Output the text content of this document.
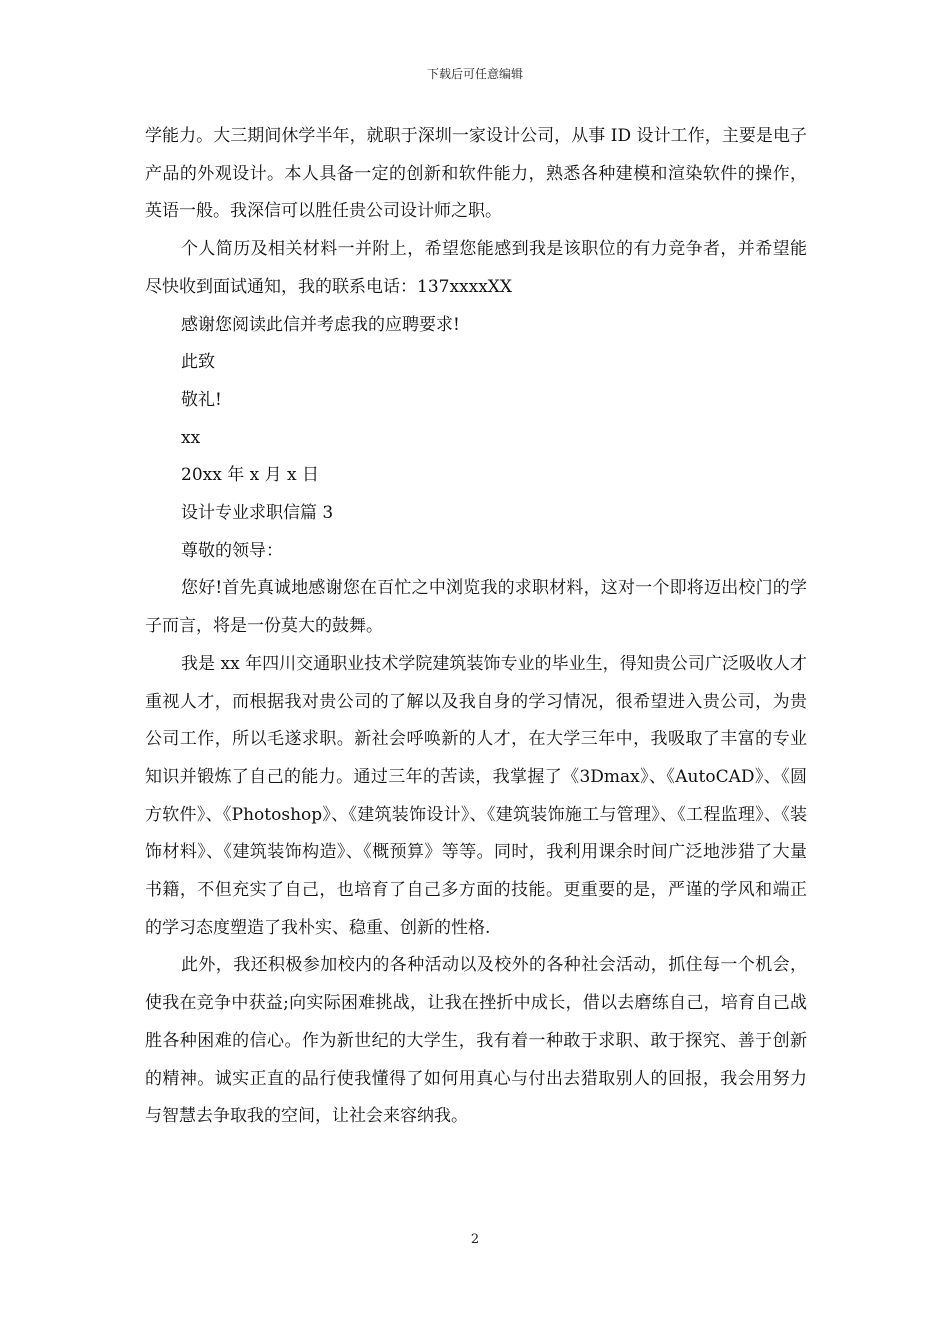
下载后可任意编辑

学能力。大三期间休学半年，就职于深圳一家设计公司，从事 ID 设计工作，主要是电子产品的外观设计。本人具备一定的创新和软件能力，熟悉各种建模和渲染软件的操作，英语一般。我深信可以胜任贵公司设计师之职。

个人简历及相关材料一并附上，希望您能感到我是该职位的有力竞争者，并希望能尽快收到面试通知，我的联系电话：137xxxxXX

感谢您阅读此信并考虑我的应聘要求!

此致

敬礼!

xx

20xx 年 x 月 x 日

设计专业求职信篇 3

尊敬的领导：

您好!首先真诚地感谢您在百忙之中浏览我的求职材料，这对一个即将迈出校门的学子而言，将是一份莫大的鼓舞。

我是 xx 年四川交通职业技术学院建筑装饰专业的毕业生，得知贵公司广泛吸收人才重视人才，而根据我对贵公司的了解以及我自身的学习情况，很希望进入贵公司，为贵公司工作，所以毛遂求职。新社会呼唤新的人才，在大学三年中，我吸取了丰富的专业知识并锻炼了自己的能力。通过三年的苦读，我掌握了《3Dmax》、《AutoCAD》、《圆方软件》、《Photoshop》、《建筑装饰设计》、《建筑装饰施工与管理》、《工程监理》、《装饰材料》、《建筑装饰构造》、《概预算》等等。同时，我利用课余时间广泛地涉猎了大量书籍，不但充实了自己，也培育了自己多方面的技能。更重要的是，严谨的学风和端正的学习态度塑造了我朴实、稳重、创新的性格.

此外，我还积极参加校内的各种活动以及校外的各种社会活动，抓住每一个机会，使我在竞争中获益;向实际困难挑战，让我在挫折中成长，借以去磨练自己，培育自己战胜各种困难的信心。作为新世纪的大学生，我有着一种敢于求职、敢于探究、善于创新的精神。诚实正直的品行使我懂得了如何用真心与付出去猎取别人的回报，我会用努力与智慧去争取我的空间，让社会来容纳我。

2
